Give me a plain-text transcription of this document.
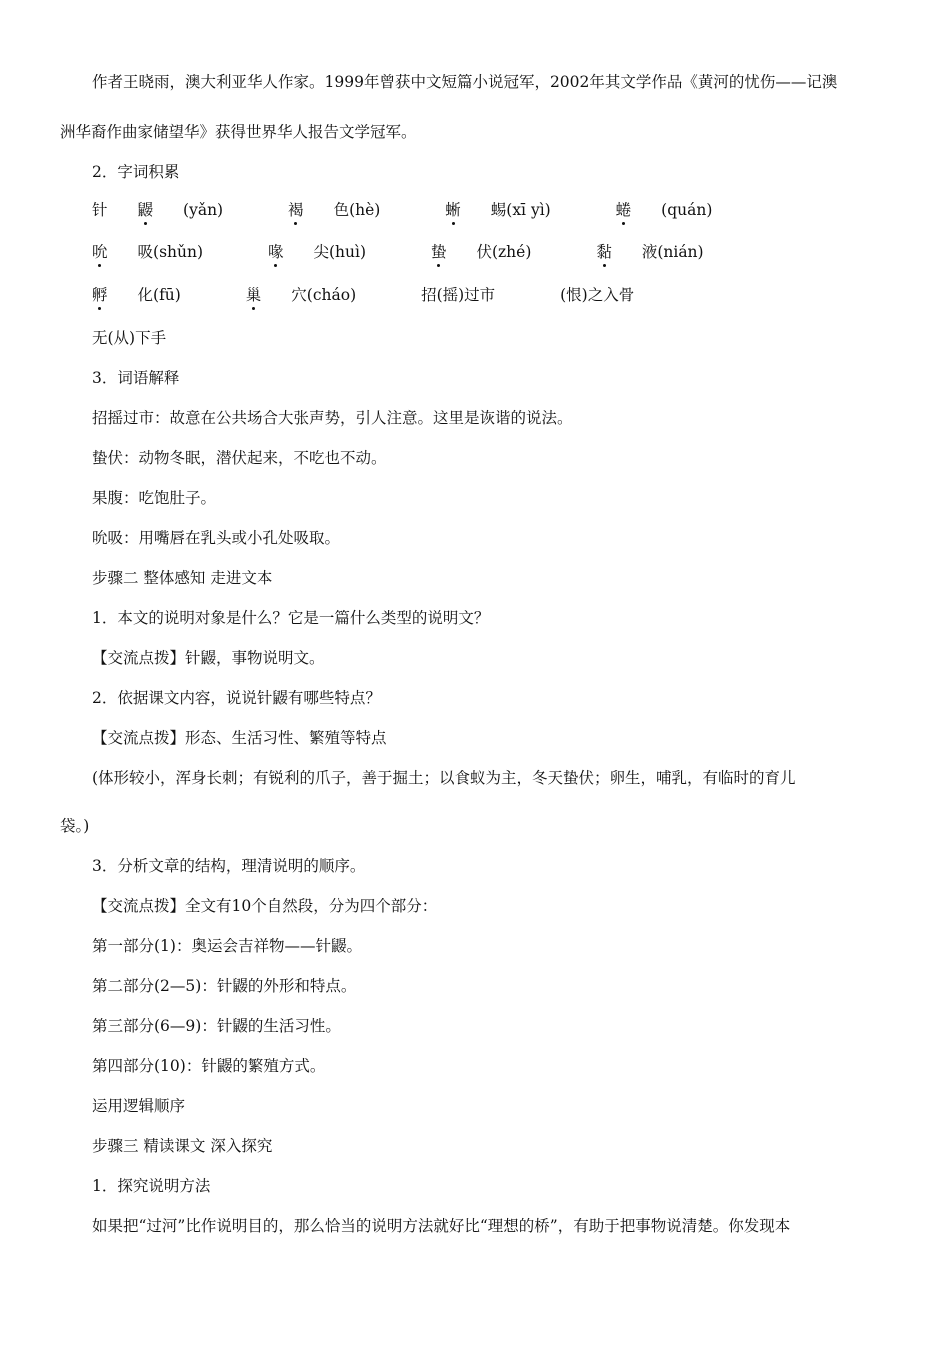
作者王晓雨，澳大利亚华人作家。1999年曾获中文短篇小说冠军，2002年其文学作品《黄河的忧伤——记澳
洲华裔作曲家储望华》获得世界华人报告文学冠军。
2．字词积累
针 鼹 (yǎn)	褐 色(hè)	蜥 蜴(xī yì)	蜷 (quán)
吮 吸(shǔn)	喙 尖(huì)	蛰 伏(zhé)	黏 液(nián)
孵 化(fū)	巢 穴(cháo)	招(摇)过市	(恨)之入骨
无(从)下手
3．词语解释
招摇过市：故意在公共场合大张声势，引人注意。这里是诙谐的说法。
蛰伏：动物冬眠，潜伏起来，不吃也不动。
果腹：吃饱肚子。
吮吸：用嘴唇在乳头或小孔处吸取。
步骤二 整体感知 走进文本
1．本文的说明对象是什么？它是一篇什么类型的说明文？
【交流点拨】针鼹，事物说明文。
2．依据课文内容，说说针鼹有哪些特点？
【交流点拨】形态、生活习性、繁殖等特点
(体形较小，浑身长刺；有锐利的爪子，善于掘土；以食蚁为主，冬天蛰伏；卵生，哺乳，有临时的育儿
袋。)
3．分析文章的结构，理清说明的顺序。
【交流点拨】全文有10个自然段，分为四个部分：
第一部分(1)：奥运会吉祥物——针鼹。
第二部分(2—5)：针鼹的外形和特点。
第三部分(6—9)：针鼹的生活习性。
第四部分(10)：针鼹的繁殖方式。
运用逻辑顺序
步骤三 精读课文 深入探究
1．探究说明方法
如果把“过河”比作说明目的，那么恰当的说明方法就好比“理想的桥”，有助于把事物说清楚。你发现本
